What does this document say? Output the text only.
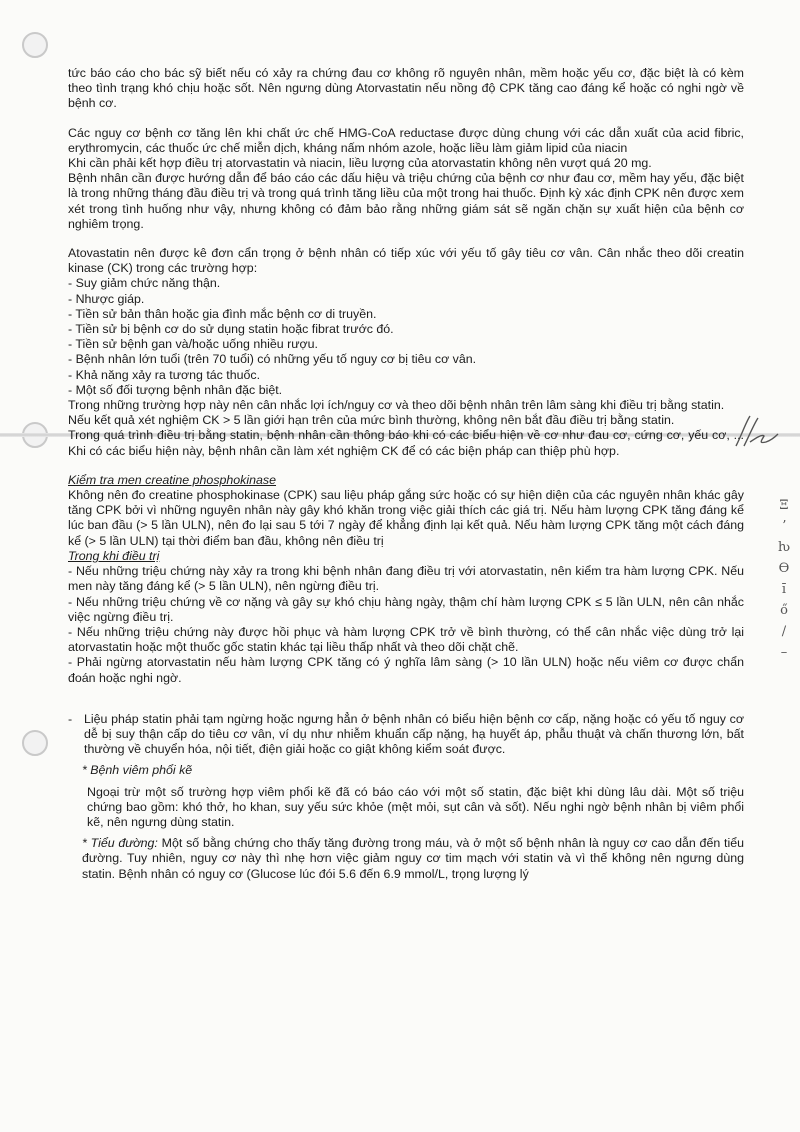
Ξ
ʼ
ƕ
ϴ
ı̄
ő
/
–

tức báo cáo cho bác sỹ biết nếu có xảy ra chứng đau cơ không rõ nguyên nhân, mềm hoặc yếu cơ, đặc biệt là có kèm theo tình trạng khó chịu hoặc sốt. Nên ngưng dùng Atorvastatin nếu nồng độ CPK tăng cao đáng kể hoặc có nghi ngờ về bệnh cơ.

Các nguy cơ bệnh cơ tăng lên khi chất ức chế HMG-CoA reductase được dùng chung với các dẫn xuất của acid fibric, erythromycin, các thuốc ức chế miễn dịch, kháng nấm nhóm azole, hoặc liều làm giảm lipid của niacin

Khi cần phải kết hợp điều trị atorvastatin và niacin, liều lượng của atorvastatin không nên vượt quá 20 mg.

Bệnh nhân cần được hướng dẫn để báo cáo các dấu hiệu và triệu chứng của bệnh cơ như đau cơ, mềm hay yếu, đặc biệt là trong những tháng đầu điều trị và trong quá trình tăng liều của một trong hai thuốc. Định kỳ xác định CPK nên được xem xét trong tình huống như vậy, nhưng không có đảm bảo rằng những giám sát sẽ ngăn chặn sự xuất hiện của bệnh cơ nghiêm trọng.

Atovastatin nên được kê đơn cẩn trọng ở bệnh nhân có tiếp xúc với yếu tố gây tiêu cơ vân. Cân nhắc theo dõi creatin kinase (CK) trong các trường hợp:

- Suy giảm chức năng thận.

- Nhược giáp.

- Tiền sử bản thân hoặc gia đình mắc bệnh cơ di truyền.

- Tiền sử bị bệnh cơ do sử dụng statin hoặc fibrat trước đó.

- Tiền sử bệnh gan và/hoặc uống nhiều rượu.

- Bệnh nhân lớn tuổi (trên 70 tuổi) có những yếu tố nguy cơ bị tiêu cơ vân.

- Khả năng xảy ra tương tác thuốc.

- Một số đối tượng bệnh nhân đặc biệt.

Trong những trường hợp này nên cân nhắc lợi ích/nguy cơ và theo dõi bệnh nhân trên lâm sàng khi điều trị bằng statin.

Nếu kết quả xét nghiệm CK > 5 lần giới hạn trên của mức bình thường, không nên bắt đầu điều trị bằng statin.

Trong quá trình điều trị bằng statin, bệnh nhân cần thông báo khi có các biểu hiện về cơ như đau cơ, cứng cơ, yếu cơ, ... Khi có các biểu hiện này, bệnh nhân cần làm xét nghiệm CK để có các biện pháp can thiệp phù hợp.

Kiểm tra men creatine phosphokinase

Không nên đo creatine phosphokinase (CPK) sau liệu pháp gắng sức hoặc có sự hiện diện của các nguyên nhân khác gây tăng CPK bởi vì những nguyên nhân này gây khó khăn trong việc giải thích các giá trị. Nếu hàm lượng CPK tăng đáng kể lúc ban đầu (> 5 lần ULN), nên đo lại sau 5 tới 7 ngày để khẳng định lại kết quả. Nếu hàm lượng CPK tăng một cách đáng kể (> 5 lần ULN) tại thời điểm ban đầu, không nên điều trị

Trong khi điều trị

- Nếu những triệu chứng này xảy ra trong khi bệnh nhân đang điều trị với atorvastatin, nên kiểm tra hàm lượng CPK. Nếu men này tăng đáng kể (> 5 lần ULN), nên ngừng điều trị.

- Nếu những triệu chứng về cơ nặng và gây sự khó chịu hàng ngày, thậm chí hàm lượng CPK ≤ 5 lần ULN, nên cân nhắc việc ngừng điều trị.

- Nếu những triệu chứng này được hồi phục và hàm lượng CPK trở về bình thường, có thể cân nhắc việc dùng trở lại atorvastatin hoặc một thuốc gốc statin khác tại liều thấp nhất và theo dõi chặt chẽ.

- Phải ngừng atorvastatin nếu hàm lượng CPK tăng có ý nghĩa lâm sàng (> 10 lần ULN) hoặc nếu viêm cơ được chẩn đoán hoặc nghi ngờ.

- Liệu pháp statin phải tạm ngừng hoặc ngưng hẳn ở bệnh nhân có biểu hiện bệnh cơ cấp, nặng hoặc có yếu tố nguy cơ dễ bị suy thận cấp do tiêu cơ vân, ví dụ như nhiễm khuẩn cấp nặng, hạ huyết áp, phẫu thuật và chấn thương lớn, bất thường về chuyển hóa, nội tiết, điện giải hoặc co giật không kiểm soát được.

* Bệnh viêm phổi kẽ

Ngoại trừ một số trường hợp viêm phổi kẽ đã có báo cáo với một số statin, đặc biệt khi dùng lâu dài. Một số triệu chứng bao gồm: khó thở, ho khan, suy yếu sức khỏe (mệt mỏi, sụt cân và sốt). Nếu nghi ngờ bệnh nhân bị viêm phổi kẽ, nên ngưng dùng statin.

* Tiểu đường: Một số bằng chứng cho thấy tăng đường trong máu, và ở một số bệnh nhân là nguy cơ cao dẫn đến tiểu đường. Tuy nhiên, nguy cơ này thì nhẹ hơn việc giảm nguy cơ tim mạch với statin và vì thế không nên ngưng dùng statin. Bệnh nhân có nguy cơ (Glucose lúc đói 5.6 đến 6.9 mmol/L, trọng lượng lý
